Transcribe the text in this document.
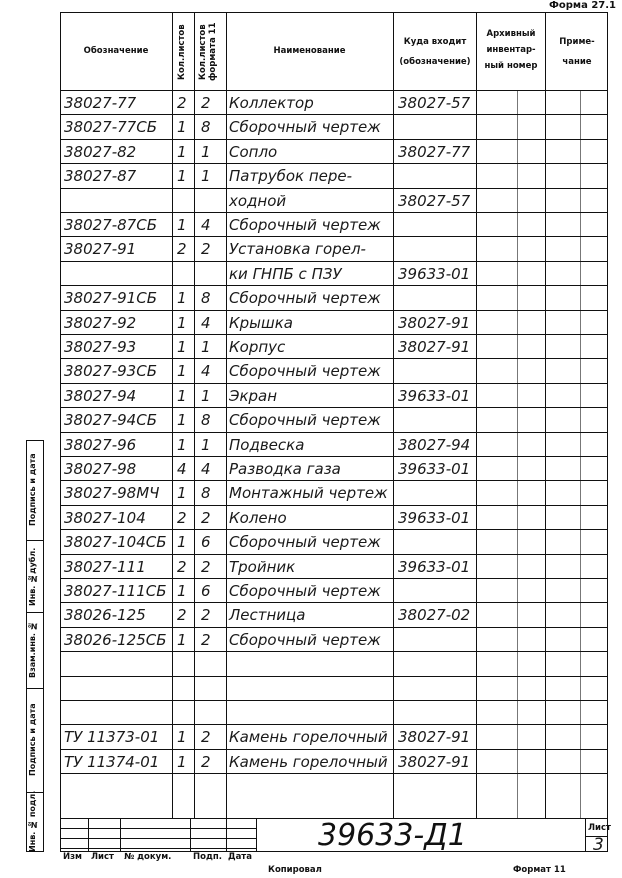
Форма 27.1
Подпись и дата
Инв. №дубл.
Взам.инв. №
Подпись и дата
Инв. № подл.
Обозначение	Кол.листов Кол.листов формата 11	Наименование
Куда входит (обозначение)
Архивный инвентар- ный номер
Приме- чание
38027-77	2 2 Коллектор	38027-57
38027-77СБ 1 8 Сборочный чертеж
38027-82	1 1 Сопло	38027-77
38027-87	1 1 Патрубок пере-
ходной	38027-57
38027-87СБ 1 4 Сборочный чертеж
38027-91	2 2 Установка горел-
ки ГНПБ с ПЗУ	39633-01
38027-91СБ 1 8 Сборочный чертеж
38027-92	1 4 Крышка	38027-91
38027-93	1 1 Корпус	38027-91
38027-93СБ 1 4 Сборочный чертеж
38027-94	1 1 Экран	39633-01
38027-94СБ 1 8 Сборочный чертеж
38027-96	1 1 Подвеска	38027-94
38027-98	4 4 Разводка газа	39633-01
38027-98МЧ 1 8 Монтажный чертеж
38027-104 2 2 Колено	39633-01
38027-104СБ 1 6 Сборочный чертеж
38027-111 2 2 Тройник	39633-01
38027-111СБ 1 6 Сборочный чертеж
38026-125 2 2 Лестница	38027-02
38026-125СБ 1 2 Сборочный чертеж
ТУ 11373-01 1 2 Камень горелочный 38027-91
ТУ 11374-01 1 2 Камень горелочный 38027-91
Изм Лист № докум.	Подп. Дата
39633-Д1	Лист
3
Копировал	Формат 11
